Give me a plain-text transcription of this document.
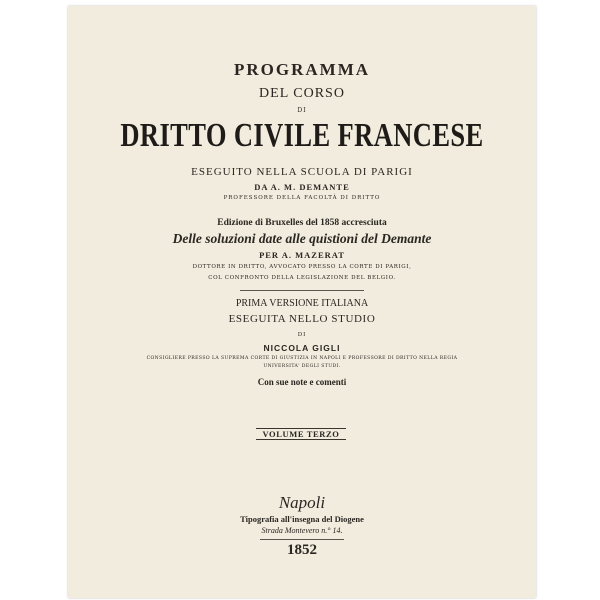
PROGRAMMA
DEL CORSO
DI
DRITTO CIVILE FRANCESE
ESEGUITO NELLA SCUOLA DI PARIGI
DA A. M. DEMANTE
PROFESSORE DELLA FACOLTÀ DI DRITTO
Edizione di Bruxelles del 1858 accresciuta
Delle soluzioni date alle quistioni del Demante
PER A. MAZERAT
DOTTORE IN DRITTO, AVVOCATO PRESSO LA CORTE DI PARIGI,
COL CONFRONTO DELLA LEGISLAZIONE DEL BELGIO.
PRIMA VERSIONE ITALIANA
ESEGUITA NELLO STUDIO
DI
NICCOLA GIGLI
CONSIGLIERE PRESSO LA SUPREMA CORTE DI GIUSTIZIA IN NAPOLI E PROFESSORE DI DRITTO NELLA REGIA
UNIVERSITA' DEGLI STUDI.
Con sue note e comenti
VOLUME TERZO
Napoli
Tipografia all'insegna del Diogene
Strada Montevero n.° 14.
1852
